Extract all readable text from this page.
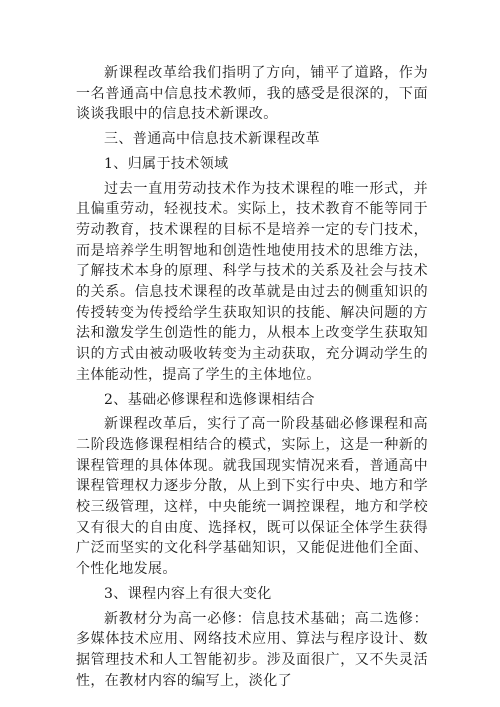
新课程改革给我们指明了方向，铺平了道路，作为一名普通高中信息技术教师，我的感受是很深的，下面谈谈我眼中的信息技术新课改。

三、普通高中信息技术新课程改革

1、归属于技术领域

过去一直用劳动技术作为技术课程的唯一形式，并且偏重劳动，轻视技术。实际上，技术教育不能等同于劳动教育，技术课程的目标不是培养一定的专门技术，而是培养学生明智地和创造性地使用技术的思维方法，了解技术本身的原理、科学与技术的关系及社会与技术的关系。信息技术课程的改革就是由过去的侧重知识的传授转变为传授给学生获取知识的技能、解决问题的方法和激发学生创造性的能力，从根本上改变学生获取知识的方式由被动吸收转变为主动获取，充分调动学生的主体能动性，提高了学生的主体地位。

2、基础必修课程和选修课相结合

新课程改革后，实行了高一阶段基础必修课程和高二阶段选修课程相结合的模式，实际上，这是一种新的课程管理的具体体现。就我国现实情况来看，普通高中课程管理权力逐步分散，从上到下实行中央、地方和学校三级管理，这样，中央能统一调控课程，地方和学校又有很大的自由度、选择权，既可以保证全体学生获得广泛而坚实的文化科学基础知识，又能促进他们全面、个性化地发展。

3、课程内容上有很大变化

新教材分为高一必修：信息技术基础；高二选修：多媒体技术应用、网络技术应用、算法与程序设计、数据管理技术和人工智能初步。涉及面很广，又不失灵活性，在教材内容的编写上，淡化了
